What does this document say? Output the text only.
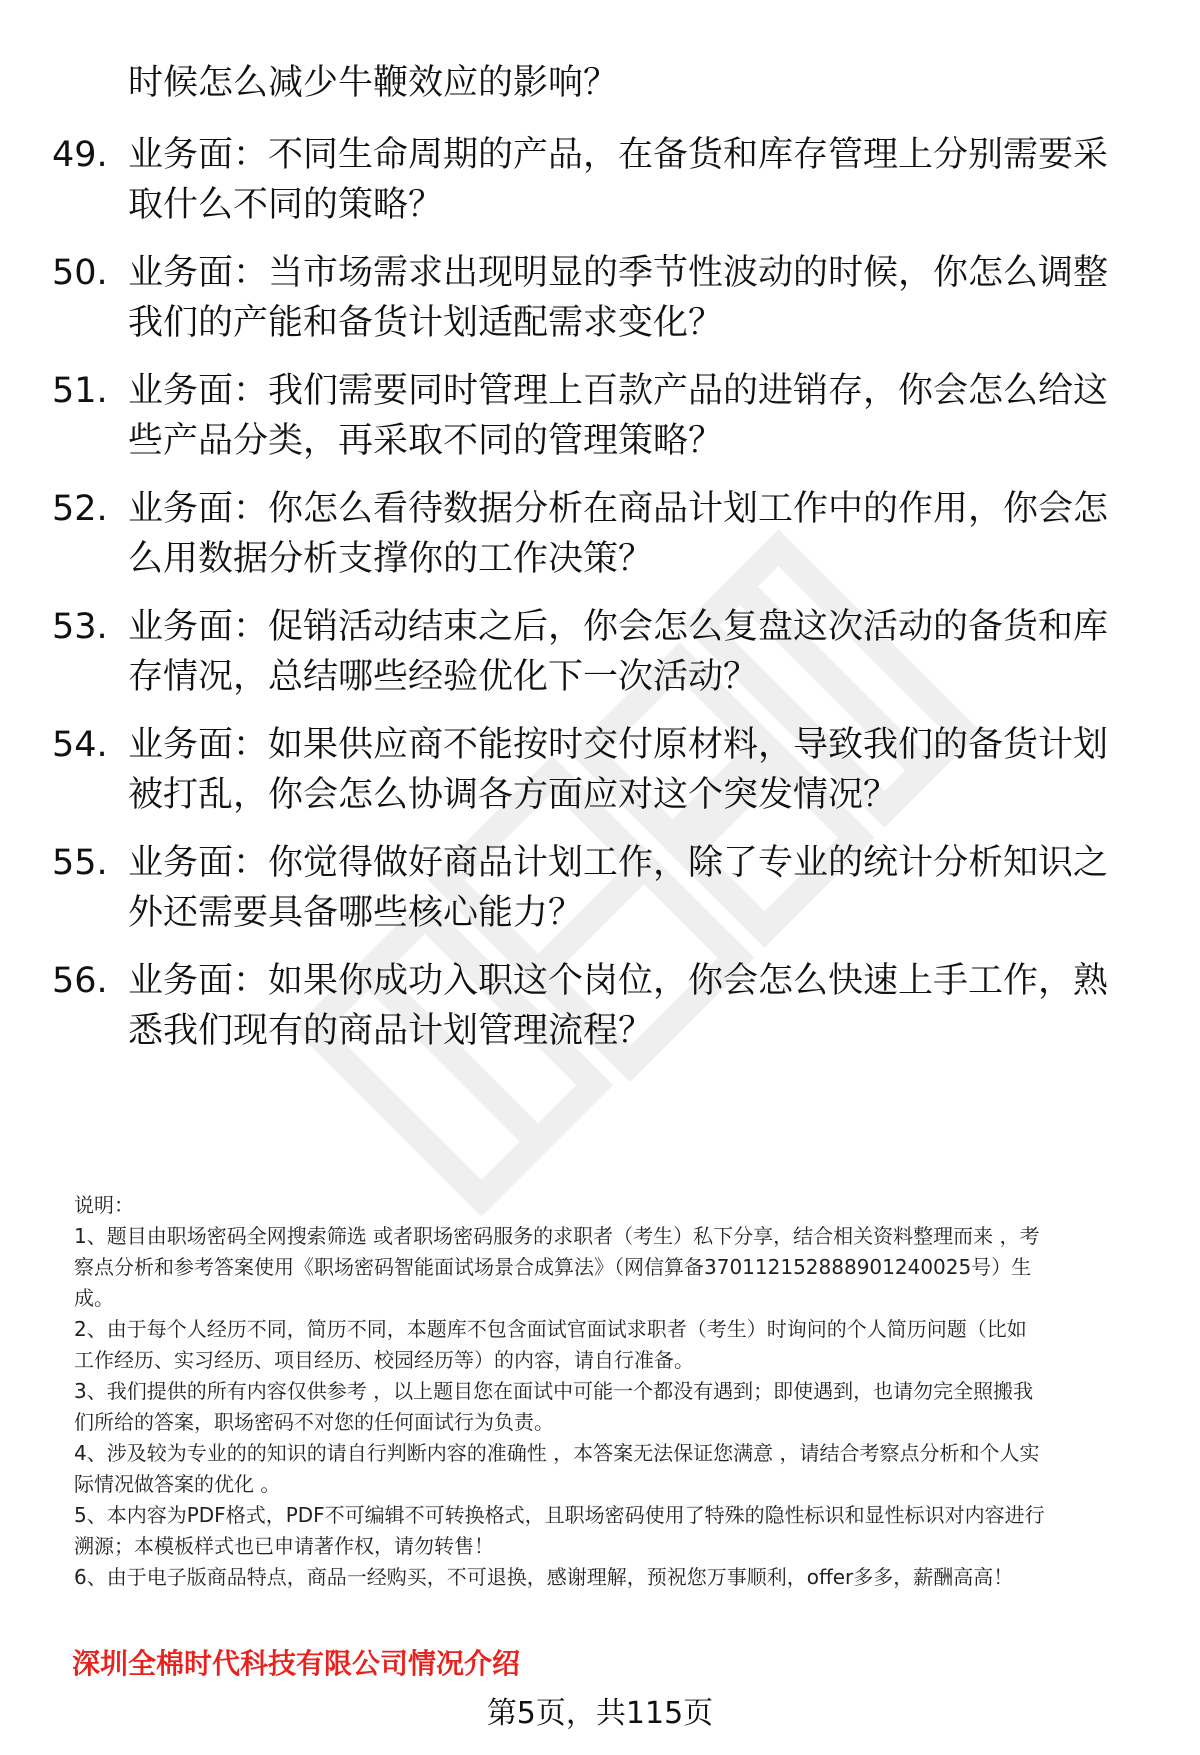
时候怎么减少牛鞭效应的影响？
49. 业务面：不同生命周期的产品，在备货和库存管理上分别需要采
取什么不同的策略？
50. 业务面：当市场需求出现明显的季节性波动的时候，你怎么调整
我们的产能和备货计划适配需求变化？
51. 业务面：我们需要同时管理上百款产品的进销存，你会怎么给这
些产品分类，再采取不同的管理策略？
52. 业务面：你怎么看待数据分析在商品计划工作中的作用，你会怎
么用数据分析支撑你的工作决策？
53. 业务面：促销活动结束之后，你会怎么复盘这次活动的备货和库
存情况，总结哪些经验优化下一次活动？
54. 业务面：如果供应商不能按时交付原材料，导致我们的备货计划
被打乱，你会怎么协调各方面应对这个突发情况？
55. 业务面：你觉得做好商品计划工作，除了专业的统计分析知识之
外还需要具备哪些核心能力？
56. 业务面：如果你成功入职这个岗位，你会怎么快速上手工作，熟
悉我们现有的商品计划管理流程？
说明：
1、题目由职场密码全网搜索筛选 或者职场密码服务的求职者（考生）私下分享，结合相关资料整理而来 ，考
察点分析和参考答案使用《职场密码智能面试场景合成算法》（网信算备370112152888901240025号）生
成。
2、由于每个人经历不同，简历不同，本题库不包含面试官面试求职者（考生）时询问的个人简历问题（比如
工作经历、实习经历、项目经历、校园经历等）的内容，请自行准备。
3、我们提供的所有内容仅供参考 ，以上题目您在面试中可能一个都没有遇到；即使遇到，也请勿完全照搬我
们所给的答案，职场密码不对您的任何面试行为负责。
4、涉及较为专业的的知识的请自行判断内容的准确性 ，本答案无法保证您满意 ，请结合考察点分析和个人实
际情况做答案的优化 。
5、本内容为PDF格式，PDF不可编辑不可转换格式，且职场密码使用了特殊的隐性标识和显性标识对内容进行
溯源；本模板样式也已申请著作权，请勿转售！
6、由于电子版商品特点，商品一经购买，不可退换，感谢理解，预祝您万事顺利，offer多多，薪酬高高！
深圳全棉时代科技有限公司情况介绍
第5页，共115页
